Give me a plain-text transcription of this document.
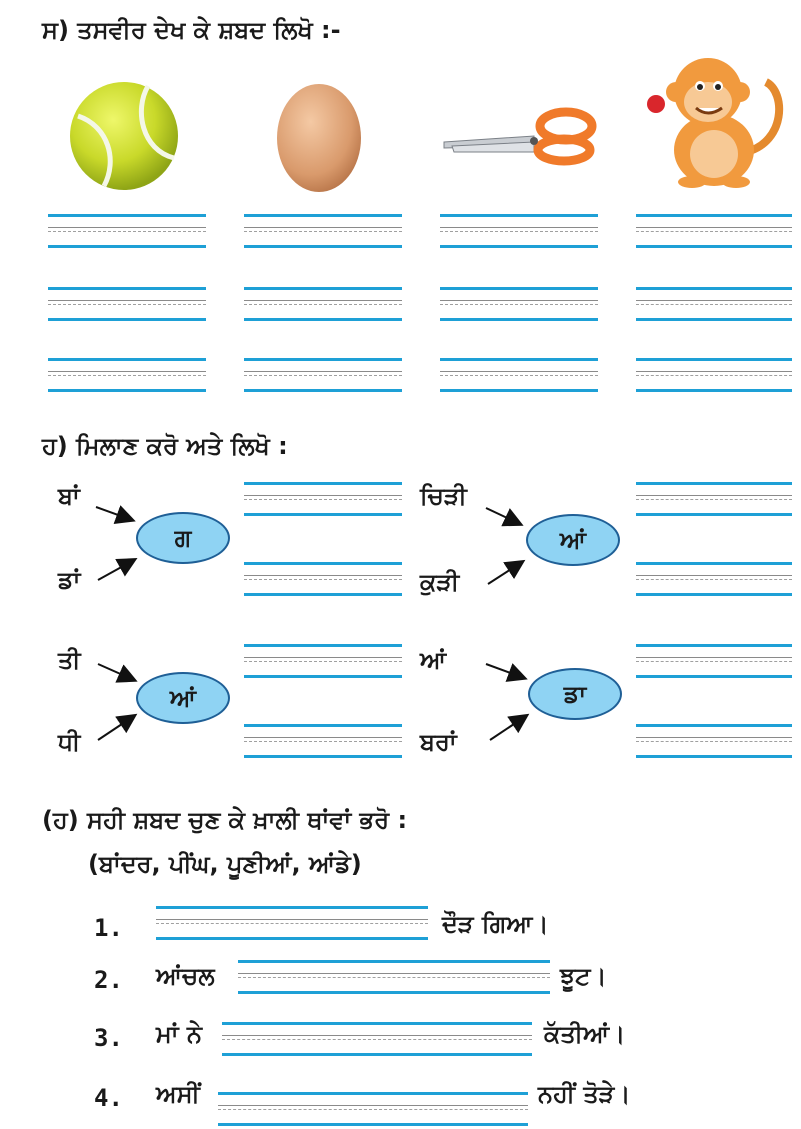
ਸ) ਤਸਵੀਰ ਦੇਖ ਕੇ ਸ਼ਬਦ ਲਿਖੋ :-
ਹ) ਮਿਲਾਣ ਕਰੋ ਅਤੇ ਲਿਖੋ :
ਬਾਂ
ਡਾਂ
ਗ
ਚਿੜੀ
ਕੁੜੀ
ਆਂ
ਤੀ
ਧੀ
ਆਂ
ਆਂ
ਬਰਾਂ
ਡਾ
(ਹ) ਸਹੀ ਸ਼ਬਦ ਚੁਣ ਕੇ ਖ਼ਾਲੀ ਥਾਂਵਾਂ ਭਰੋ :
(ਬਾਂਦਰ, ਪੀਂਘ, ਪੂਣੀਆਂ, ਆਂਡੇ)
1.	ਦੌੜ ਗਿਆ।
2. ਆਂਚਲ	ਝੂਟ।
3. ਮਾਂ ਨੇ	ਕੱਤੀਆਂ।
4. ਅਸੀਂ	ਨਹੀਂ ਤੋੜੇ।
